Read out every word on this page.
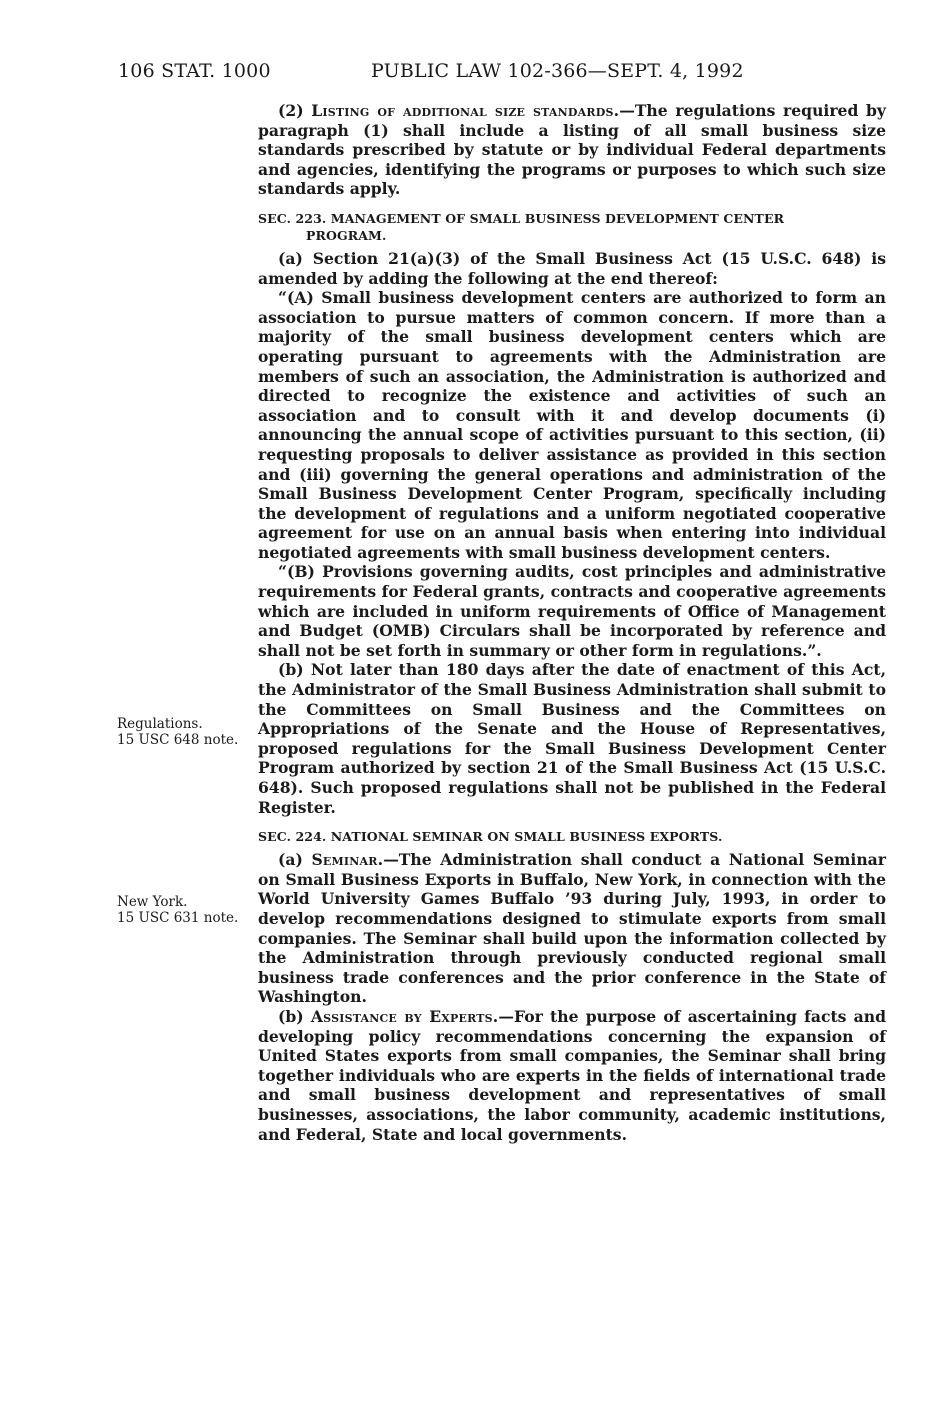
106 STAT. 1000	PUBLIC LAW 102-366—SEPT. 4, 1992
Regulations.
15 USC 648 note.
New York.
15 USC 631 note.

(2) Listing of additional size standards.—The regulations required by paragraph (1) shall include a listing of all small business size standards prescribed by statute or by individual Federal departments and agencies, identifying the programs or purposes to which such size standards apply.

SEC. 223. MANAGEMENT OF SMALL BUSINESS DEVELOPMENT CENTER
PROGRAM.

(a) Section 21(a)(3) of the Small Business Act (15 U.S.C. 648) is amended by adding the following at the end thereof:

“(A) Small business development centers are authorized to form an association to pursue matters of common concern. If more than a majority of the small business development centers which are operating pursuant to agreements with the Administration are members of such an association, the Administration is authorized and directed to recognize the existence and activities of such an association and to consult with it and develop documents (i) announcing the annual scope of activities pursuant to this section, (ii) requesting proposals to deliver assistance as provided in this section and (iii) governing the general operations and administration of the Small Business Development Center Program, specifically including the development of regulations and a uniform negotiated cooperative agreement for use on an annual basis when entering into individual negotiated agreements with small business development centers.

“(B) Provisions governing audits, cost principles and administrative requirements for Federal grants, contracts and cooperative agreements which are included in uniform requirements of Office of Management and Budget (OMB) Circulars shall be incorporated by reference and shall not be set forth in summary or other form in regulations.”.

(b) Not later than 180 days after the date of enactment of this Act, the Administrator of the Small Business Administration shall submit to the Committees on Small Business and the Committees on Appropriations of the Senate and the House of Representatives, proposed regulations for the Small Business Development Center Program authorized by section 21 of the Small Business Act (15 U.S.C. 648). Such proposed regulations shall not be published in the Federal Register.

SEC. 224. NATIONAL SEMINAR ON SMALL BUSINESS EXPORTS.

(a) Seminar.—The Administration shall conduct a National Seminar on Small Business Exports in Buffalo, New York, in connection with the World University Games Buffalo ’93 during July, 1993, in order to develop recommendations designed to stimulate exports from small companies. The Seminar shall build upon the information collected by the Administration through previously conducted regional small business trade conferences and the prior conference in the State of Washington.

(b) Assistance by Experts.—For the purpose of ascertaining facts and developing policy recommendations concerning the expansion of United States exports from small companies, the Seminar shall bring together individuals who are experts in the fields of international trade and small business development and representatives of small businesses, associations, the labor community, academic institutions, and Federal, State and local governments.
